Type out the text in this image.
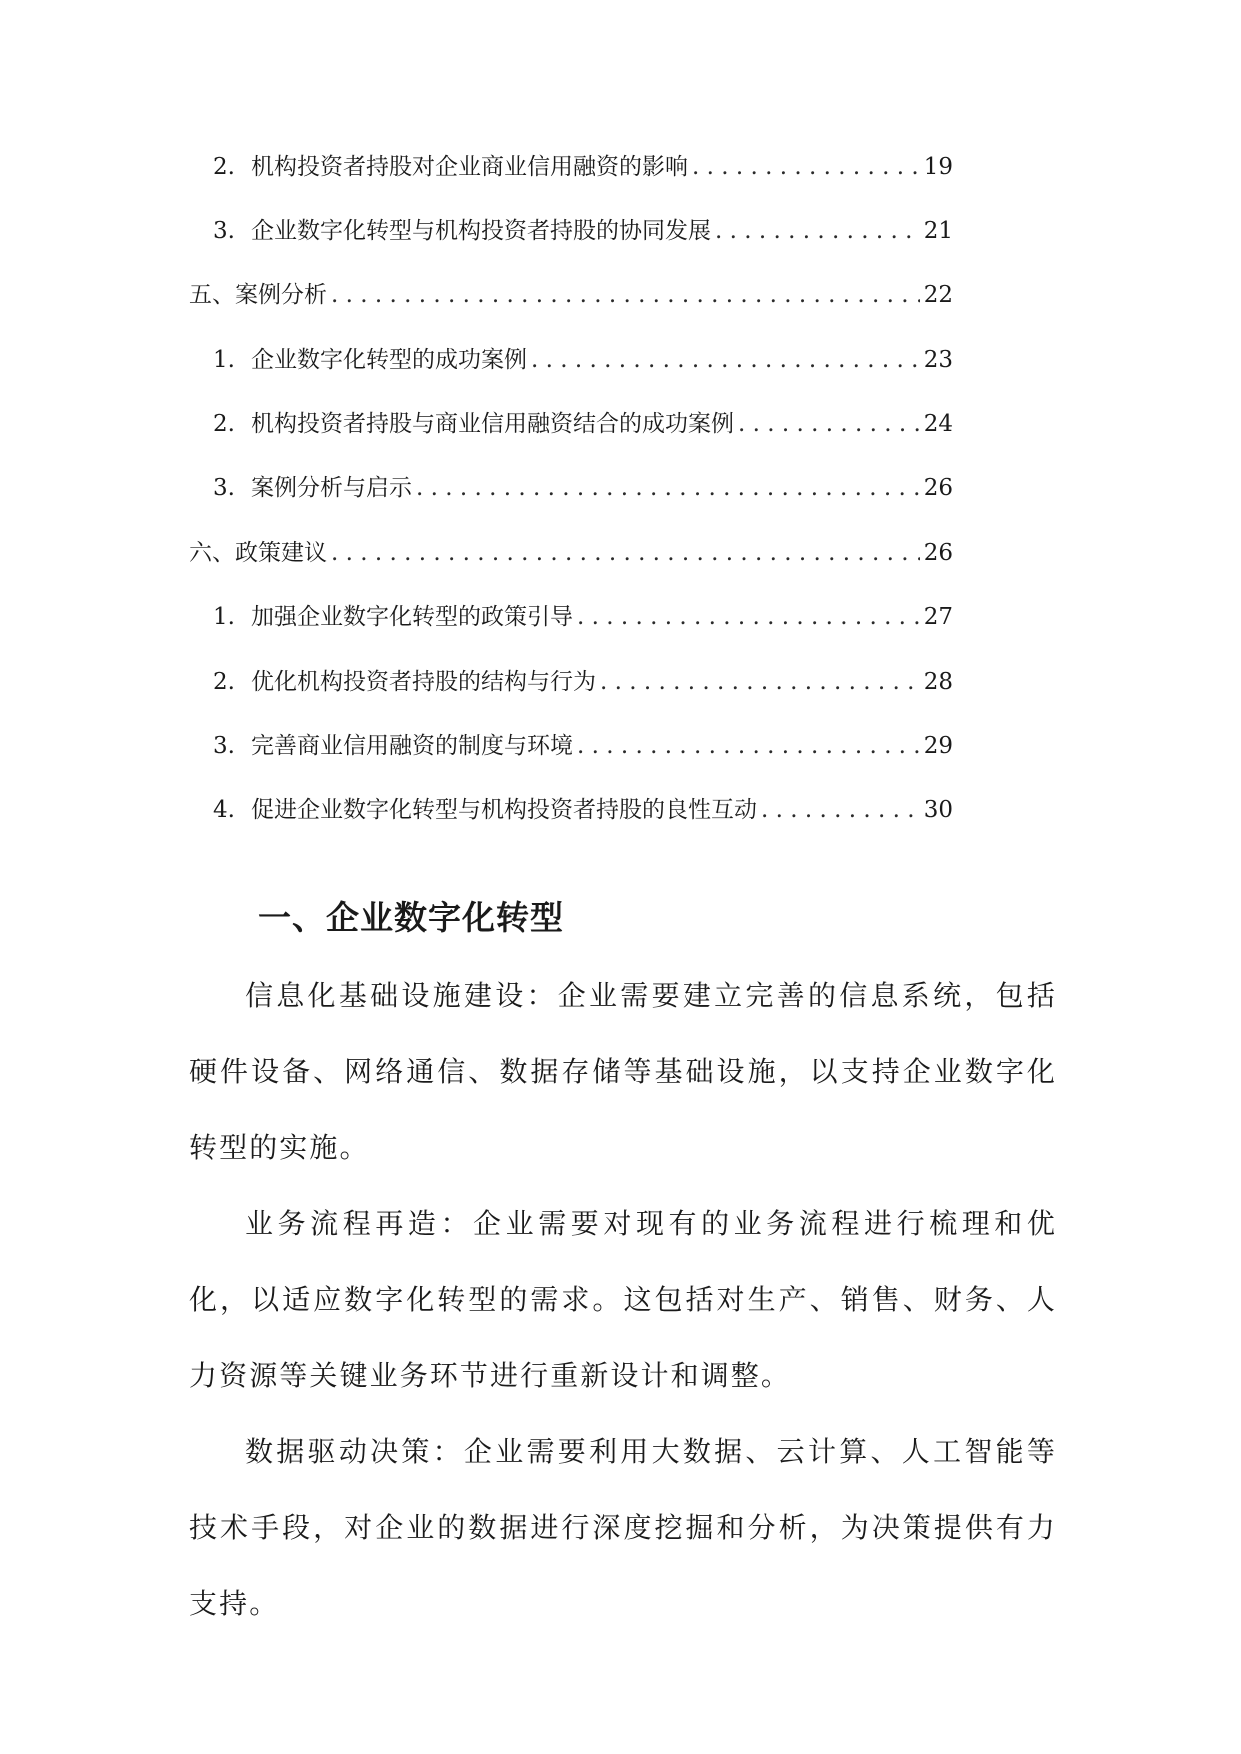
2. 机构投资者持股对企业商业信用融资的影响 . . .	19
3. 企业数字化转型与机构投资者持股的协同发展 . . .	21
五、案例分析 . . .	22
1. 企业数字化转型的成功案例 . . .	23
2. 机构投资者持股与商业信用融资结合的成功案例 . . .	24
3. 案例分析与启示 . . .	26
六、政策建议 . . .	26
1. 加强企业数字化转型的政策引导 . . .	27
2. 优化机构投资者持股的结构与行为 . . .	28
3. 完善商业信用融资的制度与环境 . . .	29
4. 促进企业数字化转型与机构投资者持股的良性互动 . . .	30
一、企业数字化转型

信息化基础设施建设：企业需要建立完善的信息系统，包括硬件设备、网络通信、数据存储等基础设施，以支持企业数字化转型的实施。

业务流程再造：企业需要对现有的业务流程进行梳理和优化，以适应数字化转型的需求。这包括对生产、销售、财务、人力资源等关键业务环节进行重新设计和调整。

数据驱动决策：企业需要利用大数据、云计算、人工智能等技术手段，对企业的数据进行深度挖掘和分析，为决策提供有力支持。
